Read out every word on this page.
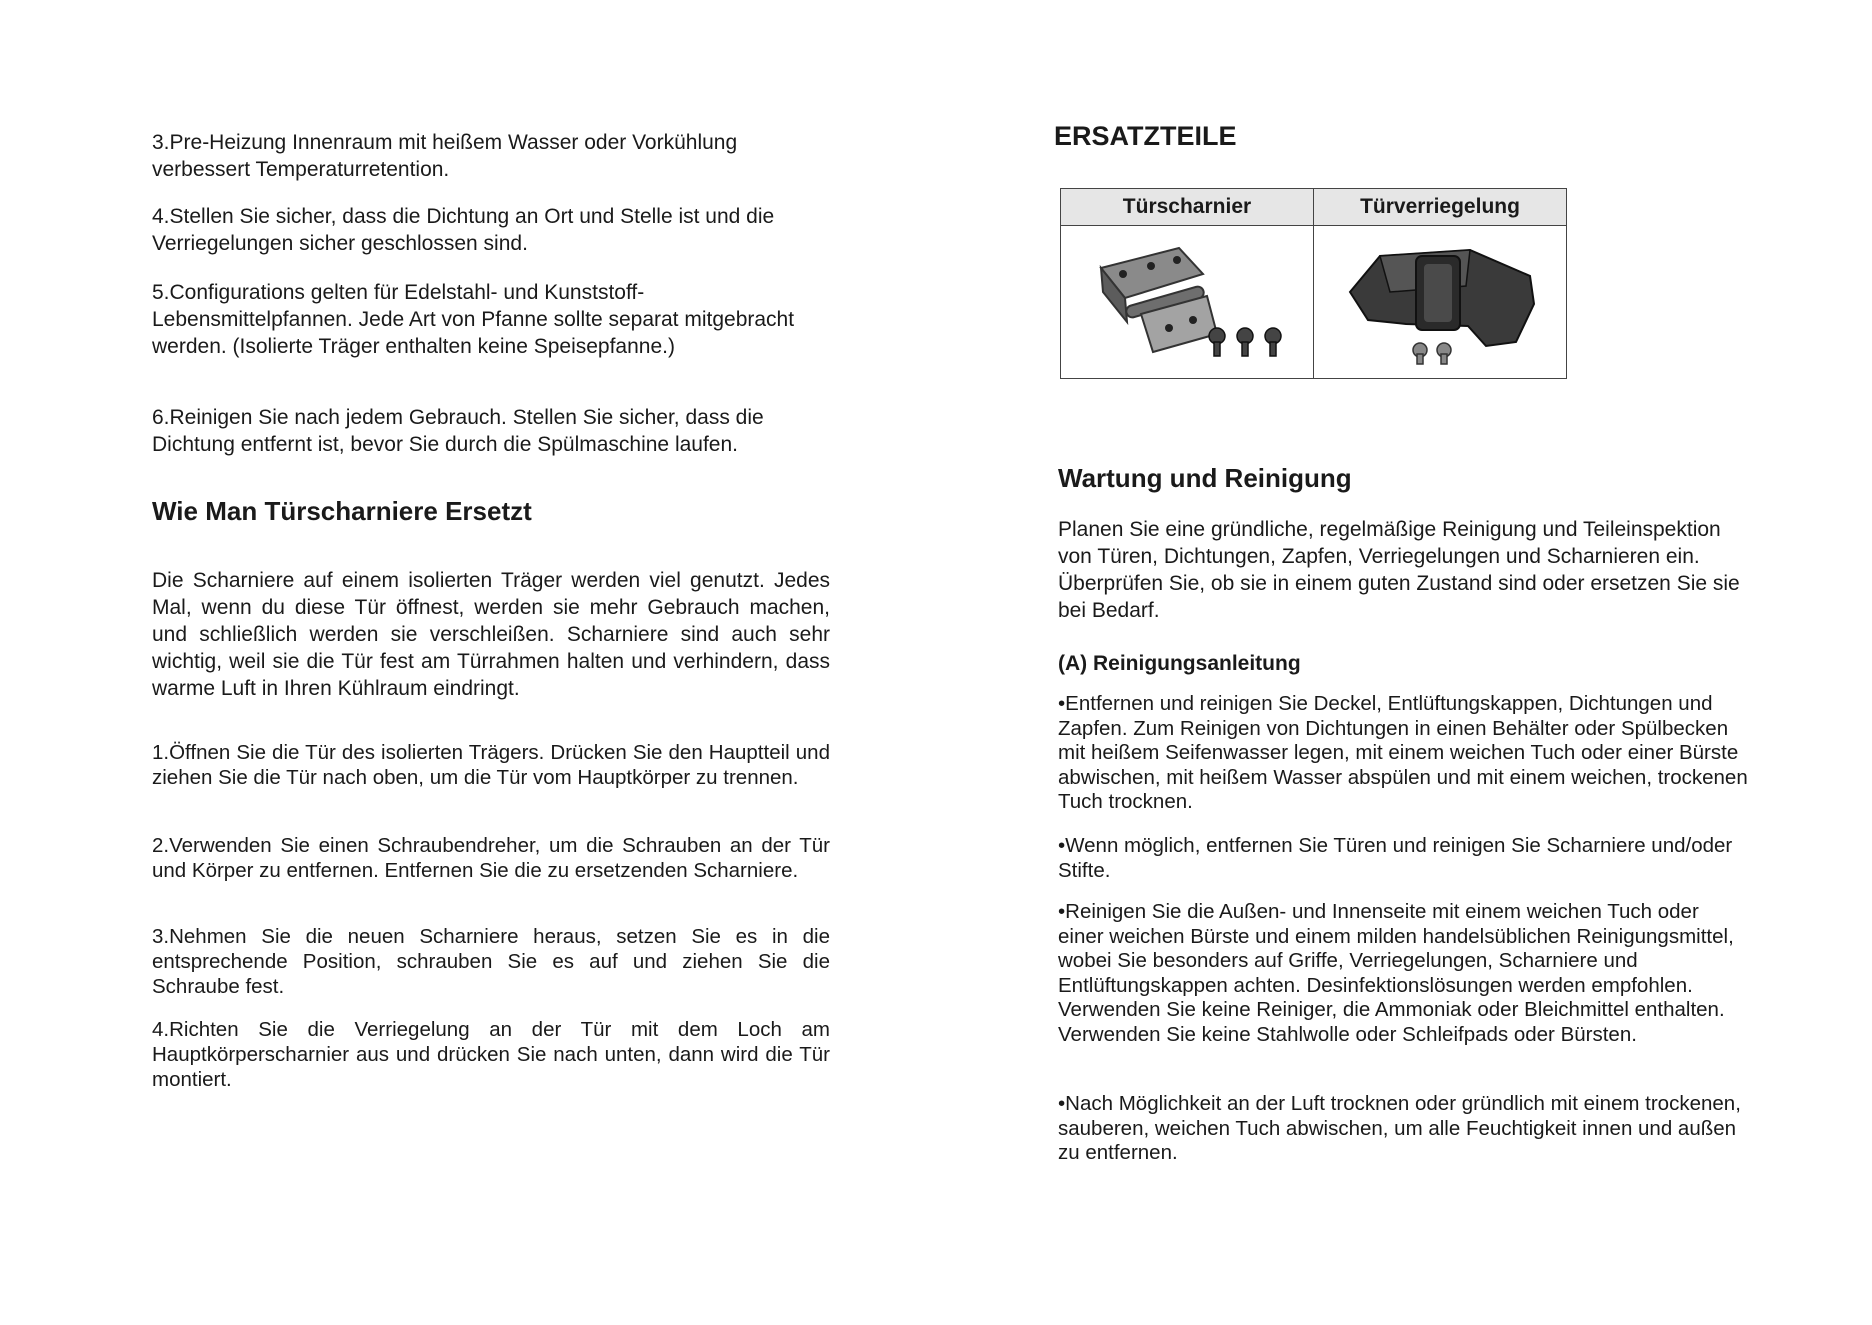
3.Pre-Heizung Innenraum mit heißem Wasser oder Vorkühlung verbessert Temperaturretention.

4.Stellen Sie sicher, dass die Dichtung an Ort und Stelle ist und die Verriegelungen sicher geschlossen sind.

5.Configurations gelten für Edelstahl- und Kunststoff-Lebensmittelpfannen. Jede Art von Pfanne sollte separat mitgebracht werden. (Isolierte Träger enthalten keine Speisepfanne.)

6.Reinigen Sie nach jedem Gebrauch. Stellen Sie sicher, dass die Dichtung entfernt ist, bevor Sie durch die Spülmaschine laufen.

Wie Man Türscharniere Ersetzt

Die Scharniere auf einem isolierten Träger werden viel genutzt. Jedes Mal, wenn du diese Tür öffnest, werden sie mehr Gebrauch machen, und schließlich werden sie verschleißen. Scharniere sind auch sehr wichtig, weil sie die Tür fest am Türrahmen halten und verhindern, dass warme Luft in Ihren Kühlraum eindringt.

1.Öffnen Sie die Tür des isolierten Trägers. Drücken Sie den Hauptteil und ziehen Sie die Tür nach oben, um die Tür vom Hauptkörper zu trennen.

2.Verwenden Sie einen Schraubendreher, um die Schrauben an der Tür und Körper zu entfernen. Entfernen Sie die zu ersetzenden Scharniere.

3.Nehmen Sie die neuen Scharniere heraus, setzen Sie es in die entsprechende Position, schrauben Sie es auf und ziehen Sie die Schraube fest.

4.Richten Sie die Verriegelung an der Tür mit dem Loch am Hauptkörperscharnier aus und drücken Sie nach unten, dann wird die Tür montiert.

ERSATZTEILE
Türscharnier	Türverriegelung

Wartung und Reinigung

Planen Sie eine gründliche, regelmäßige Reinigung und Teileinspektion von Türen, Dichtungen, Zapfen, Verriegelungen und Scharnieren ein. Überprüfen Sie, ob sie in einem guten Zustand sind oder ersetzen Sie sie bei Bedarf.

(A) Reinigungsanleitung

•Entfernen und reinigen Sie Deckel, Entlüftungskappen, Dichtungen und Zapfen. Zum Reinigen von Dichtungen in einen Behälter oder Spülbecken mit heißem Seifenwasser legen, mit einem weichen Tuch oder einer Bürste abwischen, mit heißem Wasser abspülen und mit einem weichen, trockenen Tuch trocknen.

•Wenn möglich, entfernen Sie Türen und reinigen Sie Scharniere und/oder Stifte.

•Reinigen Sie die Außen- und Innenseite mit einem weichen Tuch oder einer weichen Bürste und einem milden handelsüblichen Reinigungsmittel, wobei Sie besonders auf Griffe, Verriegelungen, Scharniere und Entlüftungskappen achten. Desinfektionslösungen werden empfohlen. Verwenden Sie keine Reiniger, die Ammoniak oder Bleichmittel enthalten. Verwenden Sie keine Stahlwolle oder Schleifpads oder Bürsten.

•Nach Möglichkeit an der Luft trocknen oder gründlich mit einem trockenen, sauberen, weichen Tuch abwischen, um alle Feuchtigkeit innen und außen zu entfernen.
